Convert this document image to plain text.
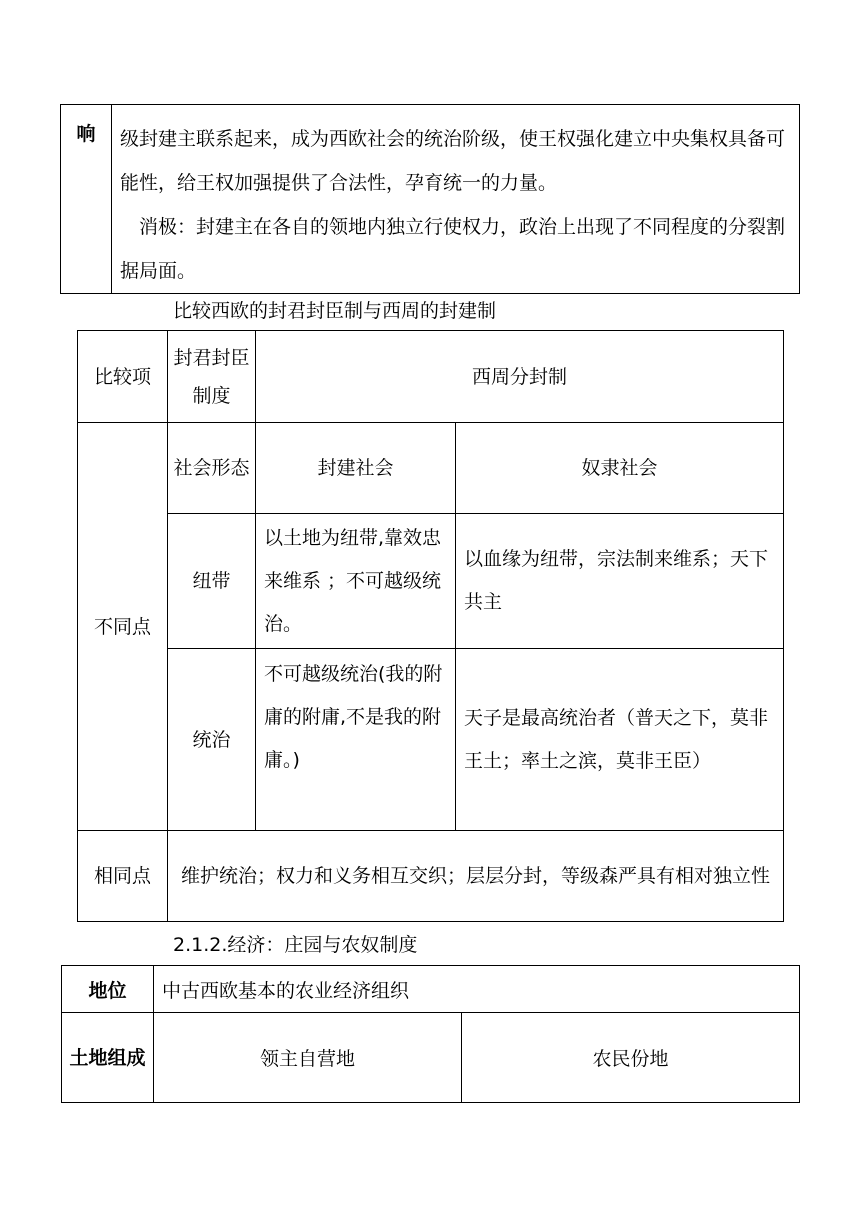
响	级封建主联系起来，成为西欧社会的统治阶级，使王权强化建立中央集权具备可能性，给王权加强提供了合法性，孕育统一的力量。
消极：封建主在各自的领地内独立行使权力，政治上出现了不同程度的分裂割据局面。
比较西欧的封君封臣制与西周的封建制
比较项	封君封臣制度	西周分封制	
不同点	社会形态	封建社会	奴隶社会
	纽带	以土地为纽带,靠效忠来维系 ；不可越级统治。	以血缘为纽带，宗法制来维系；天下共主
	统治	不可越级统治(我的附庸的附庸,不是我的附庸。)	天子是最高统治者（普天之下，莫非王土；率土之滨，莫非王臣）
相同点	维护统治；权力和义务相互交织；层层分封，等级森严具有相对独立性		
2.1.2.经济：庄园与农奴制度
地位	中古西欧基本的农业经济组织	
土地组成	领主自营地	农民份地
